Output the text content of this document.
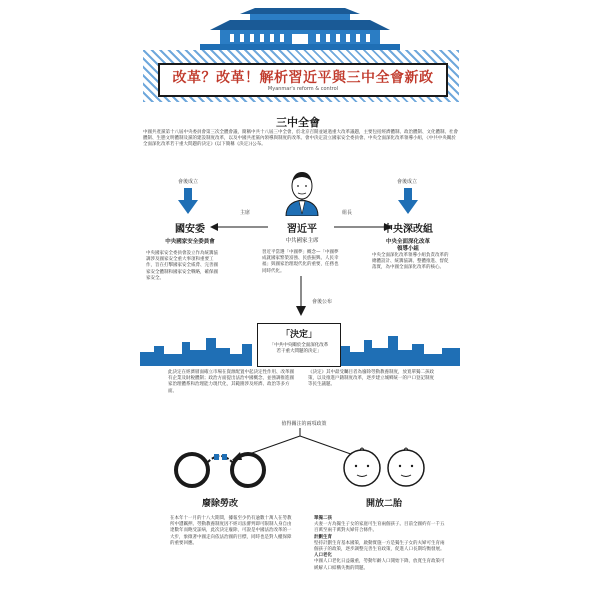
改革？改革！解析習近平與三中全會新政
Myanmar's reform & control
三中全會
中國共產黨第十八屆中央委員會第三次全體會議，簡稱中共十八屆三中全會，於北京召開並通過重大改革議題，主要包括經濟體制、政治體制、文化體制、社會體制、生態文明體制及黨的建設制度改革，以及中國共產黨內領導與制度的改革。會中決定設立國家安全委員會、中央全面深化改革領導小組，《中共中央關於全面深化改革若干重大問題的決定》(以下簡稱《決定》)公布。
會後成立	會後成立
主席	組長
習近平
中共國家主席
習近平當選「中國夢」概念—「中國夢成就國家繁榮富強、民族振興、人民幸福」與國家治理現代化的重要，任務也同時代化。
國安委
中央國家安全委員會
中央國家安全委員會設立作為統籌協調涉及國家安全重大事項和重要工作，旨在打擊國家安全威脅、完善國家安全體制和國家安全戰略，確保國家安全。
中央深改組
中央全面深化改革
領導小組
中央全面深化改革領導小組負責改革的總體設計、統籌協調、整體推進、督促落實，為中國全面深化改革的核心。
會後公布
「決定」
「中共中央關於全面深化改革
若干重大問題的決定」
此決定在經濟層面確立市場在資源配置中起決定性作用、改革國有企業及財稅體制；政治方面提出法治中國概念，並強調推進國家治理體系和治理能力現代化，其範圍涉及經濟、政治等多方面。
《決定》其中最受矚目者為廢除勞動教養制度，放寬單獨二孩政策，以及推進戶籍制度改革，逐步建立城鄉統一的戶口登記制度等民生議題。
值得關注的兩項政策
廢除勞改	開放二胎
在本年十一月的十八大期間，據報至少仍有逾數十萬人在勞教所中遭羈押。勞動教養制度因不經司法審判即可限制人身自由達數年而飽受詬病，此次決定廢除，可說是中國法治改革的一大步，象徵著中國走向依法治國的目標，同時也是對人權保障的重要回應。
單獨二孩
夫妻一方為獨生子女的家庭可生育兩個孩子。目前全國約有一千五百萬至兩千萬對夫婦符合條件。
計劃生育
堅持計劃生育基本國策，啟動實施一方是獨生子女的夫婦可生育兩個孩子的政策，逐步調整完善生育政策，促進人口長期均衡發展。
人口老化
中國人口老化日益嚴重，勞動年齡人口開始下降，放寬生育政策可緩解人口結構失衡的問題。
